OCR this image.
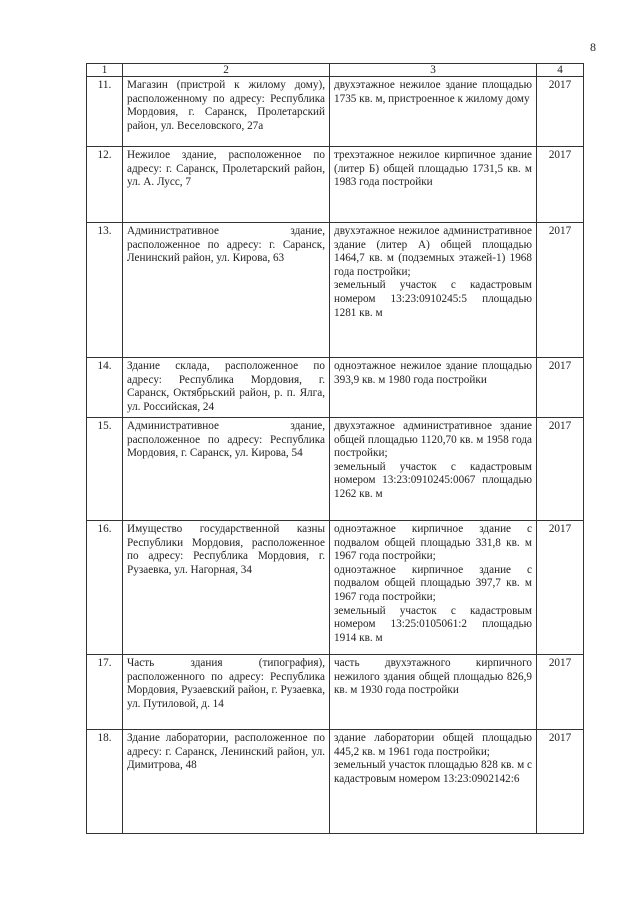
8
1	2	3	4
11.	Магазин (пристрой к жилому дому), расположенному по адресу: Республика Мордовия, г. Саранск, Пролетарский район, ул. Веселовского, 27а	двухэтажное нежилое здание площадью 1735 кв. м, пристроенное к жилому дому	2017
12.	Нежилое здание, расположенное по адресу: г. Саранск, Пролетарский район, ул. А. Лусс, 7	трехэтажное нежилое кирпичное здание (литер Б) общей площадью 1731,5 кв. м 1983 года постройки	2017
13.	Административное здание, расположенное по адресу: г. Саранск, Ленинский район, ул. Кирова, 63	двухэтажное нежилое административное здание (литер А) общей площадью 1464,7 кв. м (подземных этажей-1) 1968 года постройки;
земельный участок с кадастровым номером 13:23:0910245:5 площадью 1281 кв. м	2017
14.	Здание склада, расположенное по адресу: Республика Мордовия, г. Саранск, Октябрьский район, р. п. Ялга, ул. Российская, 24	одноэтажное нежилое здание площадью 393,9 кв. м 1980 года постройки	2017
15.	Административное здание, расположенное по адресу: Республика Мордовия, г. Саранск, ул. Кирова, 54	двухэтажное административное здание общей площадью 1120,70 кв. м 1958 года постройки;
земельный участок с кадастровым номером 13:23:0910245:0067 площадью 1262 кв. м	2017
16.	Имущество государственной казны Республики Мордовия, расположенное по адресу: Республика Мордовия, г. Рузаевка, ул. Нагорная, 34	одноэтажное кирпичное здание с подвалом общей площадью 331,8 кв. м 1967 года постройки;
одноэтажное кирпичное здание с подвалом общей площадью 397,7 кв. м 1967 года постройки;
земельный участок с кадастровым номером 13:25:0105061:2 площадью 1914 кв. м	2017
17.	Часть здания (типография), расположенного по адресу: Республика Мордовия, Рузаевский район, г. Рузаевка, ул. Путиловой, д. 14	часть двухэтажного кирпичного нежилого здания общей площадью 826,9 кв. м 1930 года постройки	2017
18.	Здание лаборатории, расположенное по адресу: г. Саранск, Ленинский район, ул. Димитрова, 48	здание лаборатории общей площадью 445,2 кв. м 1961 года постройки;
земельный участок площадью 828 кв. м с кадастровым номером 13:23:0902142:6	2017
